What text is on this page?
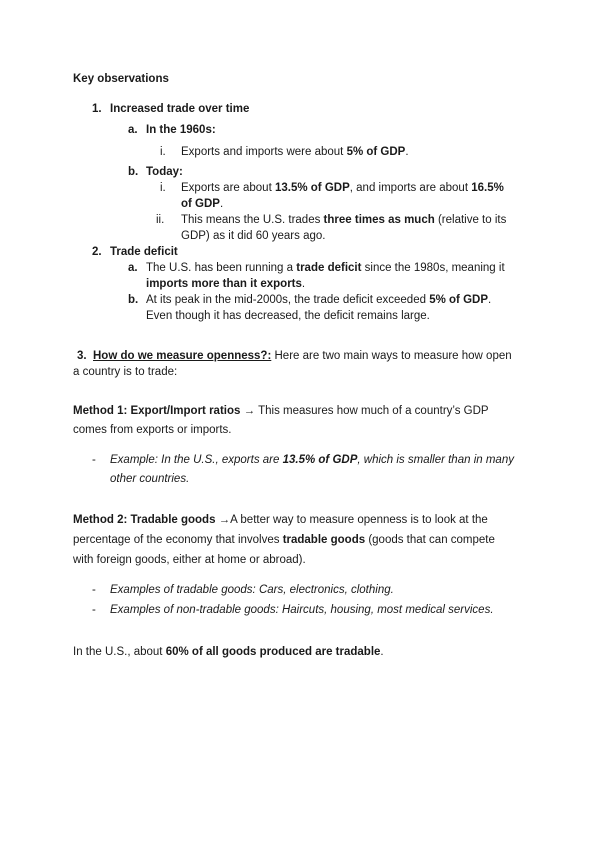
Key observations
1. Increased trade over time
a. In the 1960s:
i. Exports and imports were about 5% of GDP.
b. Today:
i. Exports are about 13.5% of GDP, and imports are about 16.5%
of GDP.
ii. This means the U.S. trades three times as much (relative to its
GDP) as it did 60 years ago.
2. Trade deficit
a. The U.S. has been running a trade deficit since the 1980s, meaning it
imports more than it exports.
b. At its peak in the mid-2000s, the trade deficit exceeded 5% of GDP.
Even though it has decreased, the deficit remains large.
3. How do we measure openness?: Here are two main ways to measure how open
a country is to trade:
Method 1: Export/Import ratios → This measures how much of a country’s GDP
comes from exports or imports.
- Example: In the U.S., exports are 13.5% of GDP, which is smaller than in many
other countries.
Method 2: Tradable goods →A better way to measure openness is to look at the
percentage of the economy that involves tradable goods (goods that can compete
with foreign goods, either at home or abroad).
- Examples of tradable goods: Cars, electronics, clothing.
- Examples of non-tradable goods: Haircuts, housing, most medical services.
In the U.S., about 60% of all goods produced are tradable.
